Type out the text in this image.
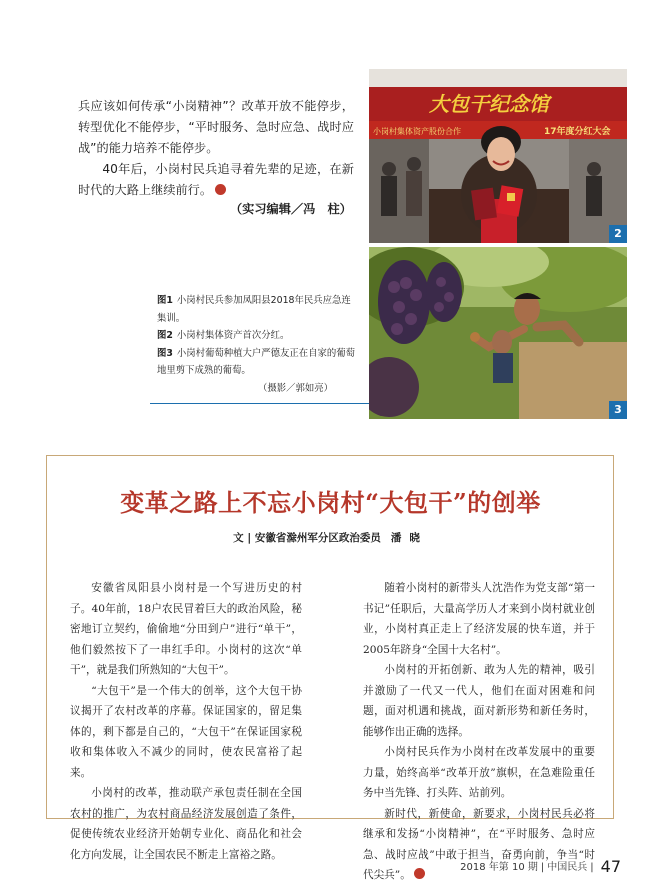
兵应该如何传承“小岗精神”？改革开放不能停步，转型优化不能停步，“平时服务、急时应急、战时应战”的能力培养不能停步。

40年后，小岗村民兵追寻着先辈的足迹，在新时代的大路上继续前行。

（实习编辑／冯　柱）
大包干纪念馆
小岗村集体资产股份合作	17年度分红大会
2
3

图1 小岗村民兵参加凤阳县2018年民兵应急连集训。

图2 小岗村集体资产首次分红。

图3 小岗村葡萄种植大户严德友正在自家的葡萄地里剪下成熟的葡萄。

（摄影／郭如亮）
变革之路上不忘小岗村“大包干”的创举
文 | 安徽省滁州军分区政治委员 潘晓

安徽省凤阳县小岗村是一个写进历史的村子。40年前，18户农民冒着巨大的政治风险，秘密地订立契约，偷偷地“分田到户”进行“单干”，他们毅然按下了一串红手印。小岗村的这次“单干”，就是我们所熟知的“大包干”。

“大包干”是一个伟大的创举，这个大包干协议揭开了农村改革的序幕。保证国家的，留足集体的，剩下都是自己的，“大包干”在保证国家税收和集体收入不减少的同时，使农民富裕了起来。

小岗村的改革，推动联产承包责任制在全国农村的推广，为农村商品经济发展创造了条件，促使传统农业经济开始朝专业化、商品化和社会化方向发展，让全国农民不断走上富裕之路。

随着小岗村的新带头人沈浩作为党支部“第一书记”任职后，大量高学历人才来到小岗村就业创业，小岗村真正走上了经济发展的快车道，并于2005年跻身“全国十大名村”。

小岗村的开拓创新、敢为人先的精神，吸引并激励了一代又一代人，他们在面对困难和问题，面对机遇和挑战，面对新形势和新任务时，能够作出正确的选择。

小岗村民兵作为小岗村在改革发展中的重要力量，始终高举“改革开放”旗帜，在急难险重任务中当先锋、打头阵、站前列。

新时代，新使命，新要求，小岗村民兵必将继承和发扬“小岗精神”，在“平时服务、急时应急、战时应战”中敢于担当，奋勇向前，争当“时代尖兵”。

2018 年第 10 期 | 中国民兵 | 47
